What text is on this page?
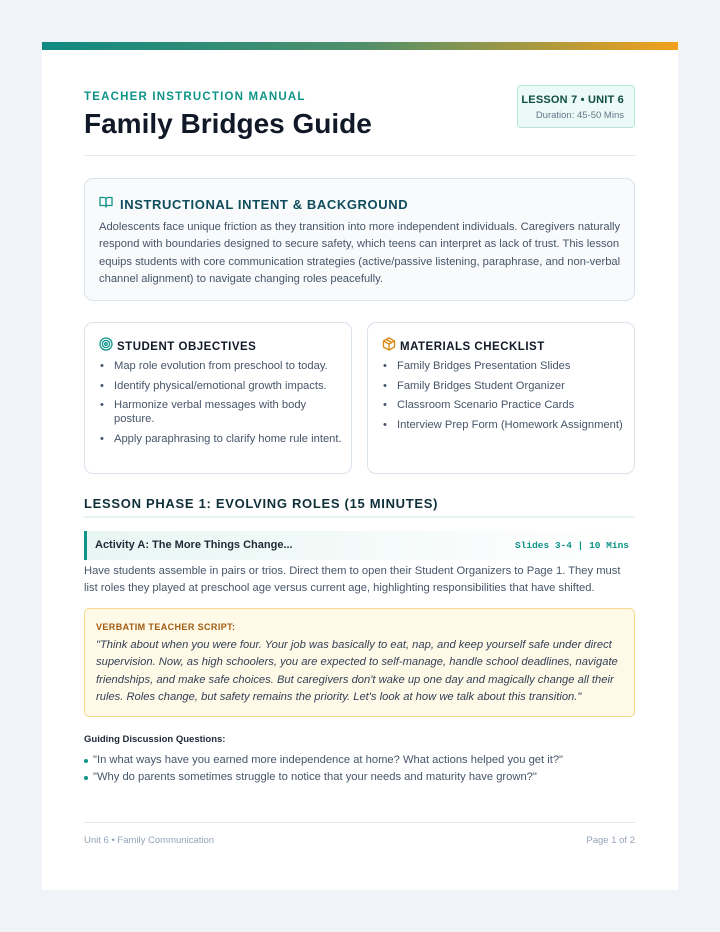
TEACHER INSTRUCTION MANUAL
Family Bridges Guide
LESSON 7 • UNIT 6
Duration: 45-50 Mins
INSTRUCTIONAL INTENT & BACKGROUND

Adolescents face unique friction as they transition into more independent individuals. Caregivers naturally respond with boundaries designed to secure safety, which teens can interpret as lack of trust. This lesson equips students with core communication strategies (active/passive listening, paraphrase, and non-verbal channel alignment) to navigate changing roles peacefully.

STUDENT OBJECTIVES
• Map role evolution from preschool to today.
• Identify physical/emotional growth impacts.
• Harmonize verbal messages with body posture.
• Apply paraphrasing to clarify home rule intent.
MATERIALS CHECKLIST
• Family Bridges Presentation Slides
• Family Bridges Student Organizer
• Classroom Scenario Practice Cards
• Interview Prep Form (Homework Assignment)
LESSON PHASE 1: EVOLVING ROLES (15 MINUTES)
Activity A: The More Things Change...	Slides 3-4 | 10 Mins

Have students assemble in pairs or trios. Direct them to open their Student Organizers to Page 1. They must list roles they played at preschool age versus current age, highlighting responsibilities that have shifted.

VERBATIM TEACHER SCRIPT:

"Think about when you were four. Your job was basically to eat, nap, and keep yourself safe under direct supervision. Now, as high schoolers, you are expected to self-manage, handle school deadlines, navigate friendships, and make safe choices. But caregivers don't wake up one day and magically change all their rules. Roles change, but safety remains the priority. Let's look at how we talk about this transition."

Guiding Discussion Questions:
"In what ways have you earned more independence at home? What actions helped you get it?"
"Why do parents sometimes struggle to notice that your needs and maturity have grown?"
Unit 6 • Family Communication	Page 1 of 2
